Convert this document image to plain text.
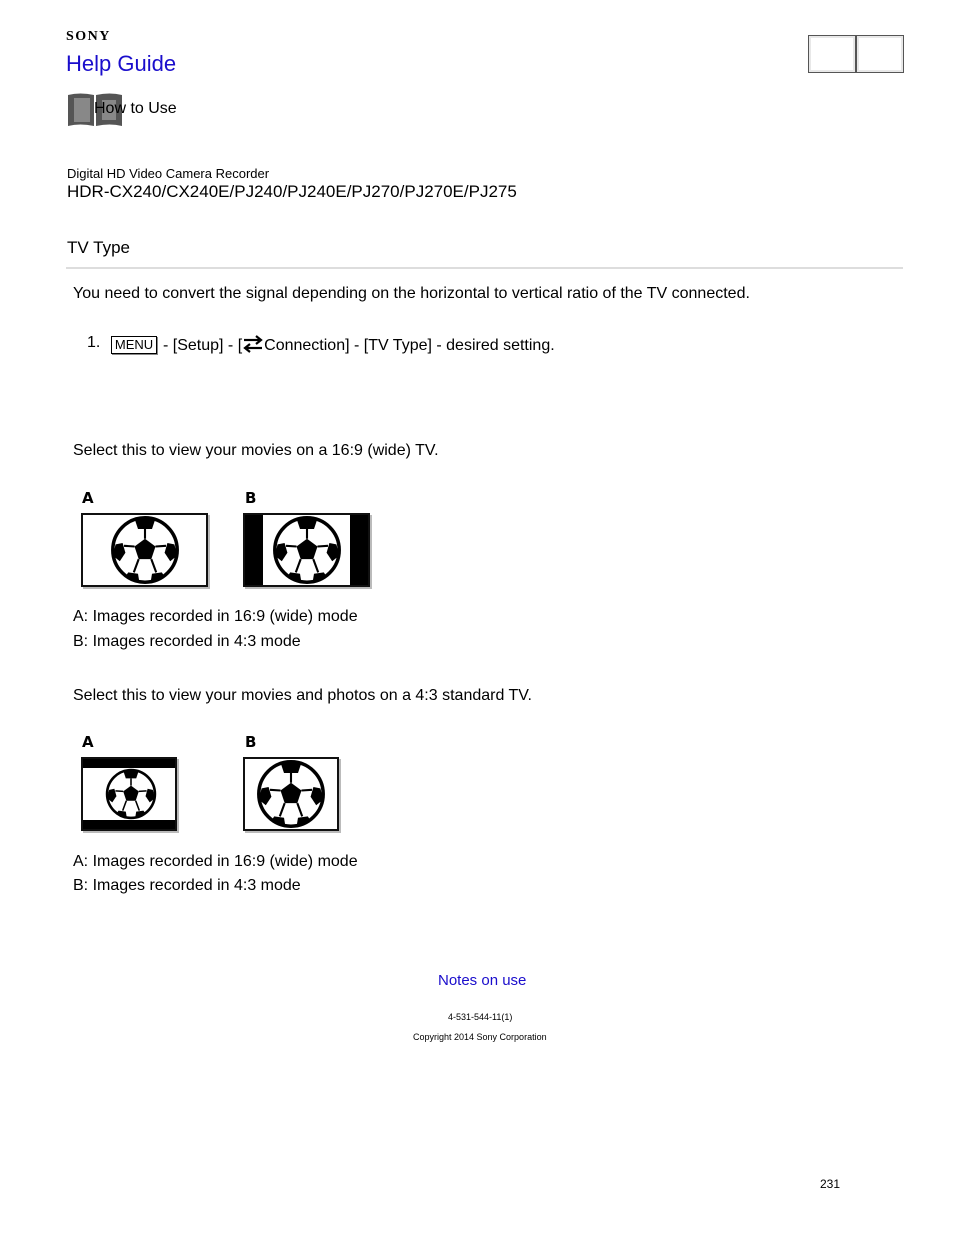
SONY
Help Guide
How to Use
Digital HD Video Camera Recorder
HDR-CX240/CX240E/PJ240/PJ240E/PJ270/PJ270E/PJ275
TV Type
You need to convert the signal depending on the horizontal to vertical ratio of the TV connected.
1. MENU - [Setup] - [ Connection] - [TV Type] - desired setting.
Select this to view your movies on a 16:9 (wide) TV.
A	B
A: Images recorded in 16:9 (wide) mode
B: Images recorded in 4:3 mode
Select this to view your movies and photos on a 4:3 standard TV.
A	B
A: Images recorded in 16:9 (wide) mode
B: Images recorded in 4:3 mode
Notes on use
4-531-544-11(1)
Copyright 2014 Sony Corporation
231
